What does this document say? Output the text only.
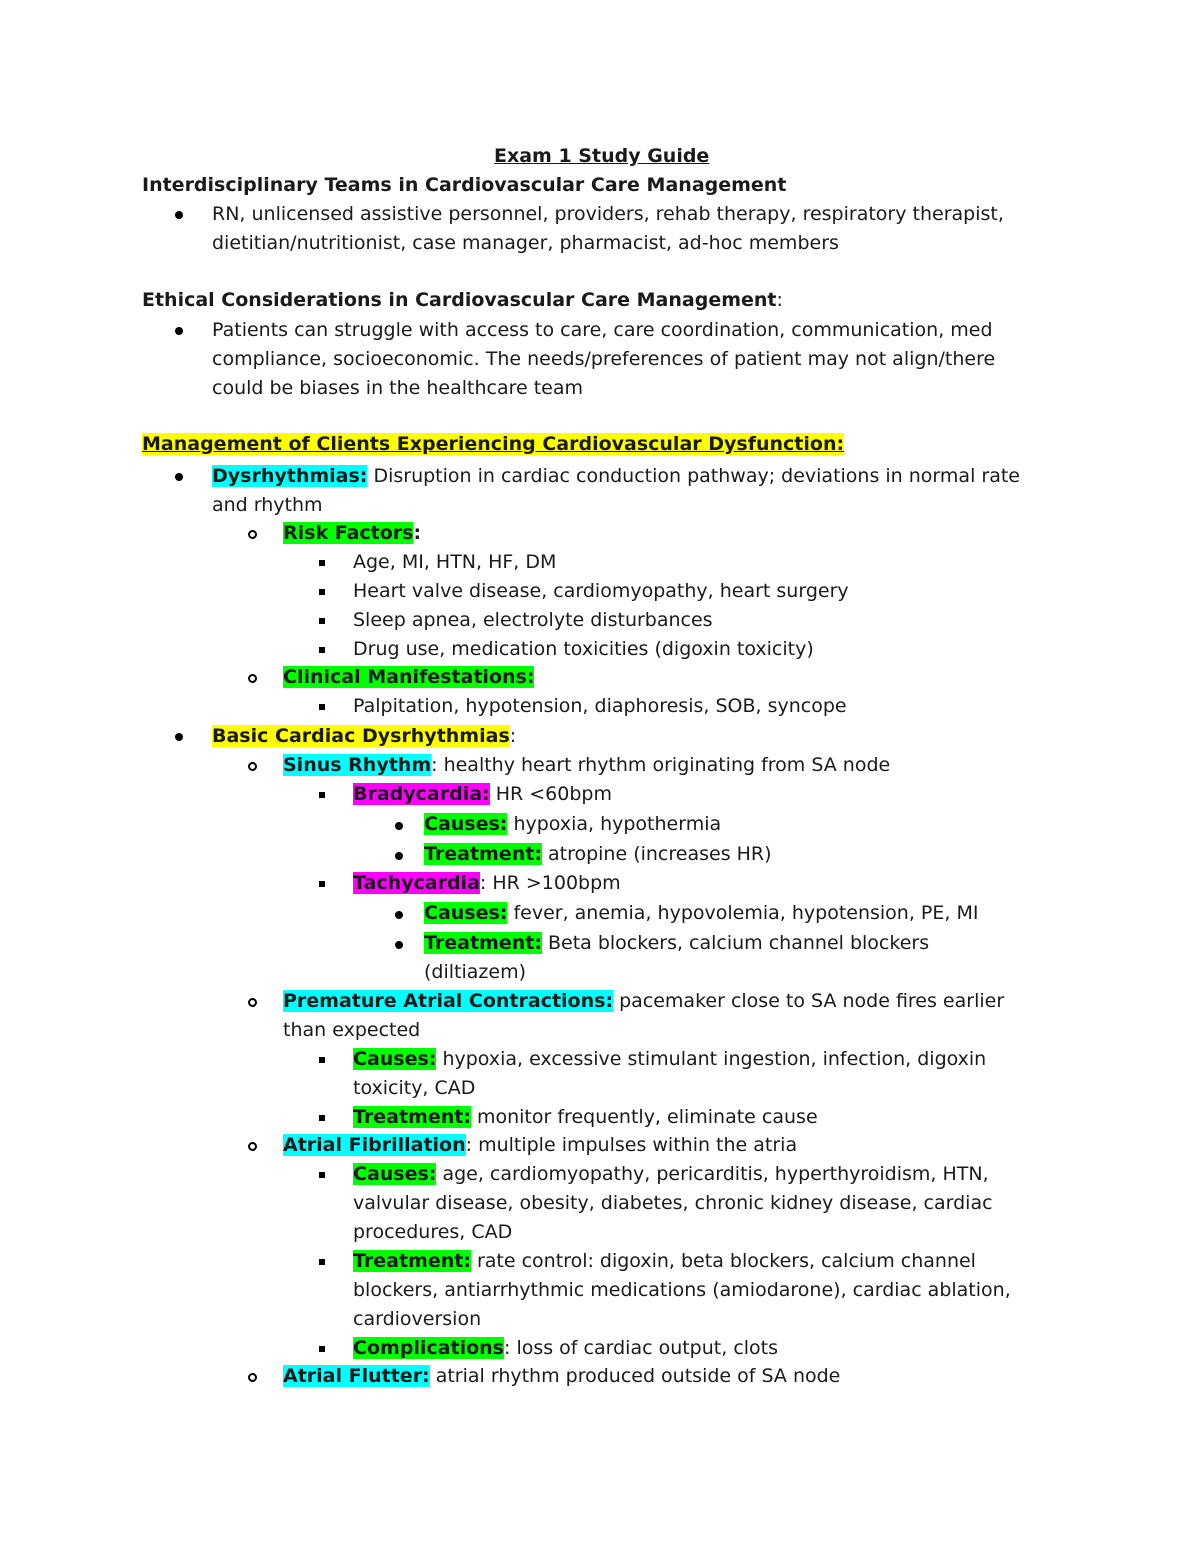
Exam 1 Study Guide
Interdisciplinary Teams in Cardiovascular Care Management
RN, unlicensed assistive personnel, providers, rehab therapy, respiratory therapist,
dietitian/nutritionist, case manager, pharmacist, ad-hoc members
Ethical Considerations in Cardiovascular Care Management:
Patients can struggle with access to care, care coordination, communication, med
compliance, socioeconomic. The needs/preferences of patient may not align/there
could be biases in the healthcare team
Management of Clients Experiencing Cardiovascular Dysfunction:
Dysrhythmias: Disruption in cardiac conduction pathway; deviations in normal rate
and rhythm
Risk Factors:
Age, MI, HTN, HF, DM
Heart valve disease, cardiomyopathy, heart surgery
Sleep apnea, electrolyte disturbances
Drug use, medication toxicities (digoxin toxicity)
Clinical Manifestations:
Palpitation, hypotension, diaphoresis, SOB, syncope
Basic Cardiac Dysrhythmias:
Sinus Rhythm: healthy heart rhythm originating from SA node
Bradycardia: HR <60bpm
Causes: hypoxia, hypothermia
Treatment: atropine (increases HR)
Tachycardia: HR >100bpm
Causes: fever, anemia, hypovolemia, hypotension, PE, MI
Treatment: Beta blockers, calcium channel blockers
(diltiazem)
Premature Atrial Contractions: pacemaker close to SA node fires earlier
than expected
Causes: hypoxia, excessive stimulant ingestion, infection, digoxin
toxicity, CAD
Treatment: monitor frequently, eliminate cause
Atrial Fibrillation: multiple impulses within the atria
Causes: age, cardiomyopathy, pericarditis, hyperthyroidism, HTN,
valvular disease, obesity, diabetes, chronic kidney disease, cardiac
procedures, CAD
Treatment: rate control: digoxin, beta blockers, calcium channel
blockers, antiarrhythmic medications (amiodarone), cardiac ablation,
cardioversion
Complications: loss of cardiac output, clots
Atrial Flutter: atrial rhythm produced outside of SA node
